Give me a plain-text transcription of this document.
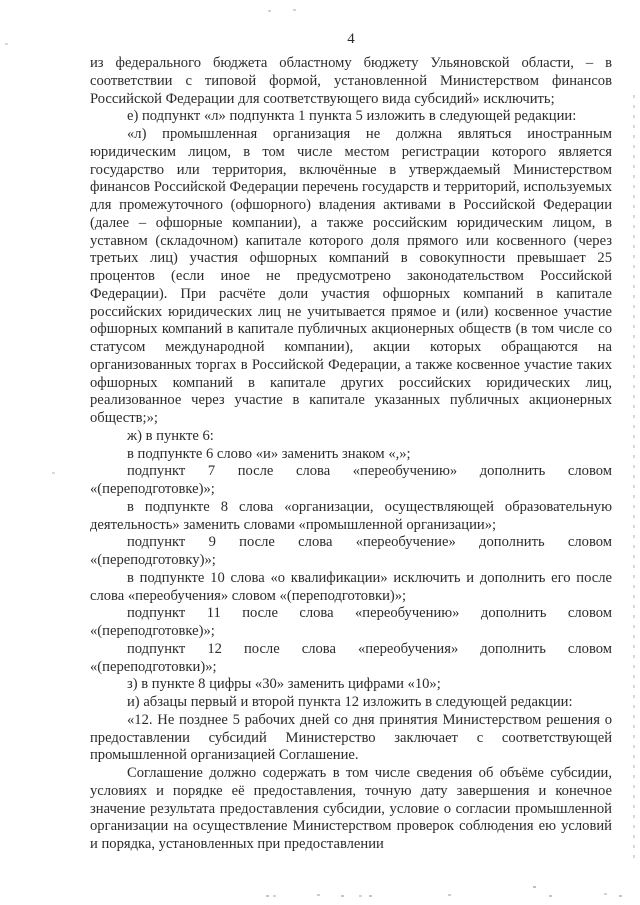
4

из федерального бюджета областному бюджету Ульяновской области, – в соответствии с типовой формой, установленной Министерством финансов Российской Федерации для соответствующего вида субсидий» исключить;

е) подпункт «л» подпункта 1 пункта 5 изложить в следующей редакции:

«л) промышленная организация не должна являться иностранным юридическим лицом, в том числе местом регистрации которого является государство или территория, включённые в утверждаемый Министерством финансов Российской Федерации перечень государств и территорий, используемых для промежуточного (офшорного) владения активами в Российской Федерации (далее – офшорные компании), а также российским юридическим лицом, в уставном (складочном) капитале которого доля прямого или косвенного (через третьих лиц) участия офшорных компаний в совокупности превышает 25 процентов (если иное не предусмотрено законодательством Российской Федерации). При расчёте доли участия офшорных компаний в капитале российских юридических лиц не учитывается прямое и (или) косвенное участие офшорных компаний в капитале публичных акционерных обществ (в том числе со статусом международной компании), акции которых обращаются на организованных торгах в Российской Федерации, а также косвенное участие таких офшорных компаний в капитале других российских юридических лиц, реализованное через участие в капитале указанных публичных акционерных обществ;»;

ж) в пункте 6:

в подпункте 6 слово «и» заменить знаком «,»;

подпункт 7 после слова «переобучению» дополнить словом «(переподготовке)»;

в подпункте 8 слова «организации, осуществляющей образовательную деятельность» заменить словами «промышленной организации»;

подпункт 9 после слова «переобучение» дополнить словом «(переподготовку)»;

в подпункте 10 слова «о квалификации» исключить и дополнить его после слова «переобучения» словом «(переподготовки)»;

подпункт 11 после слова «переобучению» дополнить словом «(переподготовке)»;

подпункт 12 после слова «переобучения» дополнить словом «(переподготовки)»;

з) в пункте 8 цифры «30» заменить цифрами «10»;

и) абзацы первый и второй пункта 12 изложить в следующей редакции:

«12. Не позднее 5 рабочих дней со дня принятия Министерством решения о предоставлении субсидий Министерство заключает с соответствующей промышленной организацией Соглашение.

Соглашение должно содержать в том числе сведения об объёме субсидии, условиях и порядке её предоставления, точную дату завершения и конечное значение результата предоставления субсидии, условие о согласии промышленной организации на осуществление Министерством проверок соблюдения ею условий и порядка, установленных при предоставлении
